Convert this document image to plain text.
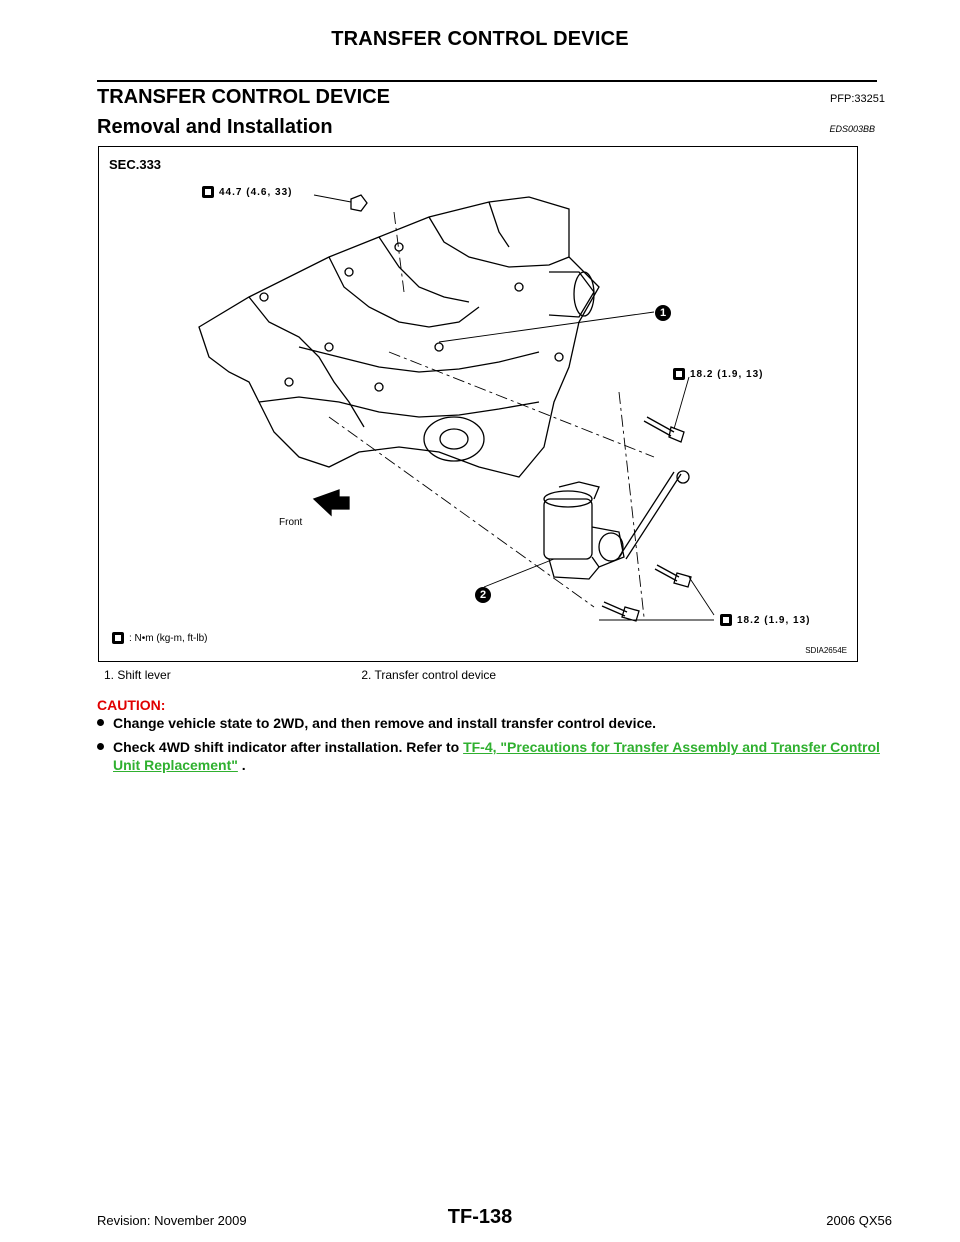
TRANSFER CONTROL DEVICE
TRANSFER CONTROL DEVICE	PFP:33251
Removal and Installation	EDS003BB
SEC.333
44.7 (4.6, 33)
18.2 (1.9, 13)
18.2 (1.9, 13)
1
2
Front
: N•m (kg-m, ft-lb)
SDIA2654E
1. Shift lever	2. Transfer control device
CAUTION:
Change vehicle state to 2WD, and then remove and install transfer control device.
Check 4WD shift indicator after installation. Refer to TF-4, "Precautions for Transfer Assembly and Transfer Control Unit Replacement" .
Revision: November 2009	TF-138	2006 QX56
